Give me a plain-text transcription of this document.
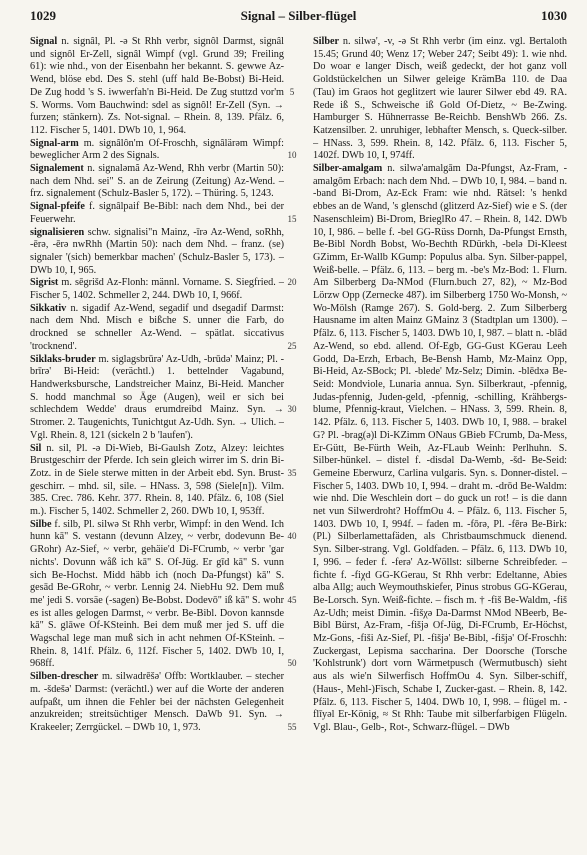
1029	Signal – Silber-flügel	1030

Signal n. signâl, Pl. -ə St Rhh verbr, signôl Darmst, signâl und signôl Er-Zell, signâl Wimpf (vgl. Grund 39; Freiling 61): wie nhd., von der Eisenbahn her bekannt. S. gewwe Az-Wend, blöse ebd. Des S. stehl (uff hald Be-Bobst) Bi-Heid. De Zug hodd 's S. iwwerfah'n Bi-Heid. De Zug stuttzd vor'm S. Worms. Vom Bauchwind: sdel as signôl! Er-Zell (Syn. → furzen; stänkern). Zs. Not-signal. – Rhein. 8, 139. Pfälz. 6, 112. Fischer 5, 1401. DWb 10, 1, 964.

Signal-arm m. signâlôn'm Of-Froschh, signâlärəm Wimpf: beweglicher Arm 2 des Signals.

Signalement n. signaləmã Az-Wend, Rhh verbr (Martin 50): nach dem Nhd. sei" S. an de Zeirung (Zeitung) Az-Wend. – frz. signalement (Schulz-Basler 5, 172). – Thüring. 5, 1243.

Signal-pfeife f. signâlpaif Be-Bibl: nach dem Nhd., bei der Feuerwehr.

signalisieren schw. signalisi"n Mainz, -īrə Az-Wend, soRhh, -ērə, -ērə nwRhh (Martin 50): nach dem Nhd. – franz. (se) signaler '(sich) bemerkbar machen' (Schulz-Basler 5, 173). – DWb 10, I, 965.

Sigrist m. sēgrišd Az-Flonh: männl. Vorname. S. Siegfried. – Fischer 5, 1402. Schmeller 2, 244. DWb 10, I, 966f.

Sikkativ n. sigadif Az-Wend, segadif und dsegadif Darmst: nach dem Nhd. Misch e bißche S. unner die Farb, do drockned se schneller Az-Wend. – spätlat. siccativus 'trocknend'.

Siklaks-bruder m. siglagsbrūrə' Az-Udh, -brūdə' Mainz; Pl. -brīrə' Bi-Heid: (verächtl.) 1. bettelnder Vagabund, Handwerksbursche, Landstreicher Mainz, Bi-Heid. Mancher S. hodd manchmal so Äge (Augen), weil er sich bei schlechdem Wedde' draus erumdreibd Mainz. Syn. → Stromer. 2. Taugenichts, Tunichtgut Az-Udh. Syn. → Ulich. – Vgl. Rhein. 8, 121 (sickeln 2 b 'laufen').

Sil n. sil, Pl. -ə Di-Wieb, Bi-Gaulsh Zotz, Alzey: leichtes Brustgeschirr der Pferde. Ich sein gleich wirrer im S. drin Bi-Zotz. in de Siele sterwe mitten in der Arbeit ebd. Syn. Brust-geschirr. – mhd. sil, sile. – HNass. 3, 598 (Siele[n]). Vilm. 385. Crec. 786. Kehr. 377. Rhein. 8, 140. Pfälz. 6, 108 (Siel m.). Fischer 5, 1402. Schmeller 2, 260. DWb 10, I, 953ff.

Silbe f. silb, Pl. silwə St Rhh verbr, Wimpf: in den Wend. Ich hunn kā" S. vestann (devunn Alzey, ~ verbr, dodevunn Be-GRohr) Az-Sief, ~ verbr, gehäie'd Di-FCrumb, ~ verbr 'gar nichts'. Dovunn wåß ich kā" S. Of-Jüg. Er gīd kā" S. vunn sich Be-Hochst. Midd häbb ich (noch Da-Pfungst) kā" S. gesād Be-GRohr, ~ verbr. Lennig 24. NiebHu 92. Dem muß me' jedi S. vorsäe (-sagen) Be-Bobst. Dodevō" iß kā" S. wohr es ist alles gelogen Darmst, ~ verbr. Be-Bibl. Dovon kannsde kā" S. glāwe Of-KSteinh. Bei dem muß mer jed S. uff die Wagschal lege man muß sich in acht nehmen Of-KSteinh. – Rhein. 8, 141f. Pfälz. 6, 112f. Fischer 5, 1402. DWb 10, I, 968ff.

Silben-drescher m. silwadrēšə' Offb: Wortklauber. – stecher m. -šdešə' Darmst: (verächtl.) wer auf die Worte der anderen aufpaßt, um ihnen die Fehler bei der nächsten Gelegenheit anzukreiden; streitsüchtiger Mensch. DaWb 91. Syn. → Krakeeler; Zerrgückel. – DWb 10, 1, 973.

Silber n. silwə', -v, -ə St Rhh verbr (im einz. vgl. Bertaloth 15.45; Grund 40; Wenz 17; Weber 247; Seibt 49): 1. wie nhd. Do woar e langer Disch, weiß gedeckt, der hot ganz voll Goldstückelchen un Silwer geleige KrämBa 110. de Daa (Tau) im Graos hot geglitzert wie laurer Silwer ebd 49. RA. Rede iß S., Schweische iß Gold Of-Dietz, ~ Be-Zwing. Hamburger S. Hühnerrasse Be-Reichb. BenshWb 266. Zs. Katzensilber. 2. unruhiger, lebhafter Mensch, s. Queck-silber. – HNass. 3, 599. Rhein. 8, 142. Pfälz. 6, 113. Fischer 5, 1402f. DWb 10, I, 974ff.

Silber-amalgam n. silwə'amalgām Da-Pfungst, Az-Fram, -amalgōm Erbach: nach dem Nhd. – DWb 10, I, 984. – band n. -band Bi-Drom, Az-Eck Fram: wie nhd. Rätsel: 's henkd ebbes an de Wand, 's glenschd (glitzerd Az-Sief) wie e S. (der Nasenschleim) Bi-Drom, BrieglRo 47. – Rhein. 8, 142. DWb 10, I, 986. – belle f. -bel GG-Rüss Dornh, Da-Pfungst Ernsth, Be-Bibl Nordh Bobst, Wo-Bechth RDürkh, -belə Di-Kleest GZimm, Er-Wallb KGump: Populus alba. Syn. Silber-pappel, Weiß-belle. – Pfälz. 6, 113. – berg m. -be's Mz-Bod: 1. Flurn. Am Silberberg Da-NMod (Flurn.buch 27, 82), ~ Mz-Bod Lörzw Opp (Zernecke 487). im Silberberg 1750 Wo-Monsh, ~ Wo-Mölsh (Ramge 267). S. Gold-berg. 2. Zum Silberberg Hausname im alten Mainz GMainz 3 (Stadtplan um 1300). – Pfälz. 6, 113. Fischer 5, 1403. DWb 10, I, 987. – blatt n. -blād Az-Wend, so ebd. allend. Of-Egb, GG-Gust KGerau Leeh Godd, Da-Erzh, Erbach, Be-Bensh Hamb, Mz-Mainz Opp, Bi-Heid, Az-SBock; Pl. -blede' Mz-Selz; Dimin. -blēdxə Be-Seid: Mondviole, Lunaria annua. Syn. Silberkraut, -pfennig, Judas-pfennig, Juden-geld, -pfennig, -schilling, Krähbergs-blume, Pfennig-kraut, Vielchen. – HNass. 3, 599. Rhein. 8, 142. Pfälz. 6, 113. Fischer 5, 1403. DWb 10, I, 988. – brakel G? Pl. -brag(ə)l Di-KZimm ONaus GBieb FCrumb, Da-Mess, Er-Gütt, Be-Fürth Weih, Az-FLaub Weinh: Perlhuhn. S. Silber-hünkel. – distel f. -disdəl Da-Wemb, -šd- Be-Seid: Gemeine Eberwurz, Carlina vulgaris. Syn. s. Donner-distel. – Fischer 5, 1403. DWb 10, I, 994. – draht m. -drōd Be-Waldm: wie nhd. Die Weschlein dort – do guck un rot! – is die dann net vun Silwerdroht? HoffmOu 4. – Pfälz. 6, 113. Fischer 5, 1403. DWb 10, I, 994f. – faden m. -fōrə, Pl. -fērə Be-Birk: (Pl.) Silberlamettafäden, als Christbaumschmuck dienend. Syn. Silber-strang. Vgl. Goldfaden. – Pfälz. 6, 113. DWb 10, I, 996. – feder f. -ferə' Az-Wöllst: silberne Schreibfeder. – fichte f. -fiχd GG-KGerau, St Rhh verbr: Edeltanne, Abies alba Allg; auch Weymouthskiefer, Pinus strobus GG-KGerau, Be-Lorsch. Syn. Weiß-fichte. – fisch m. † -fiš Be-Waldm, -fiš Az-Udh; meist Dimin. -fišχə Da-Darmst NMod NBeerb, Be-Bibl Bürst, Az-Fram, -fišjə Of-Jüg, Di-FCrumb, Er-Höchst, Mz-Gons, -fiši Az-Sief, Pl. -fišjə' Be-Bibl, -fišjə' Of-Froschh: Zuckergast, Lepisma saccharina. Der Doorsche (Torsche 'Kohlstrunk') dort vorn Wärmetpusch (Wermutbusch) sieht aus als wie'n Silwerfisch HoffmOu 4. Syn. Silber-schiff, (Haus-, Mehl-)Fisch, Schabe I, Zucker-gast. – Rhein. 8, 142. Pfälz. 6, 113. Fischer 5, 1404. DWb 10, I, 998. – flügel m. -flīyəl Er-König, ≈ St Rhh: Taube mit silberfarbigen Flügeln. Vgl. Blau-, Gelb-, Rot-, Schwarz-flügel. – DWb

5
10
15
20
25
30
35
40
45
50
55
